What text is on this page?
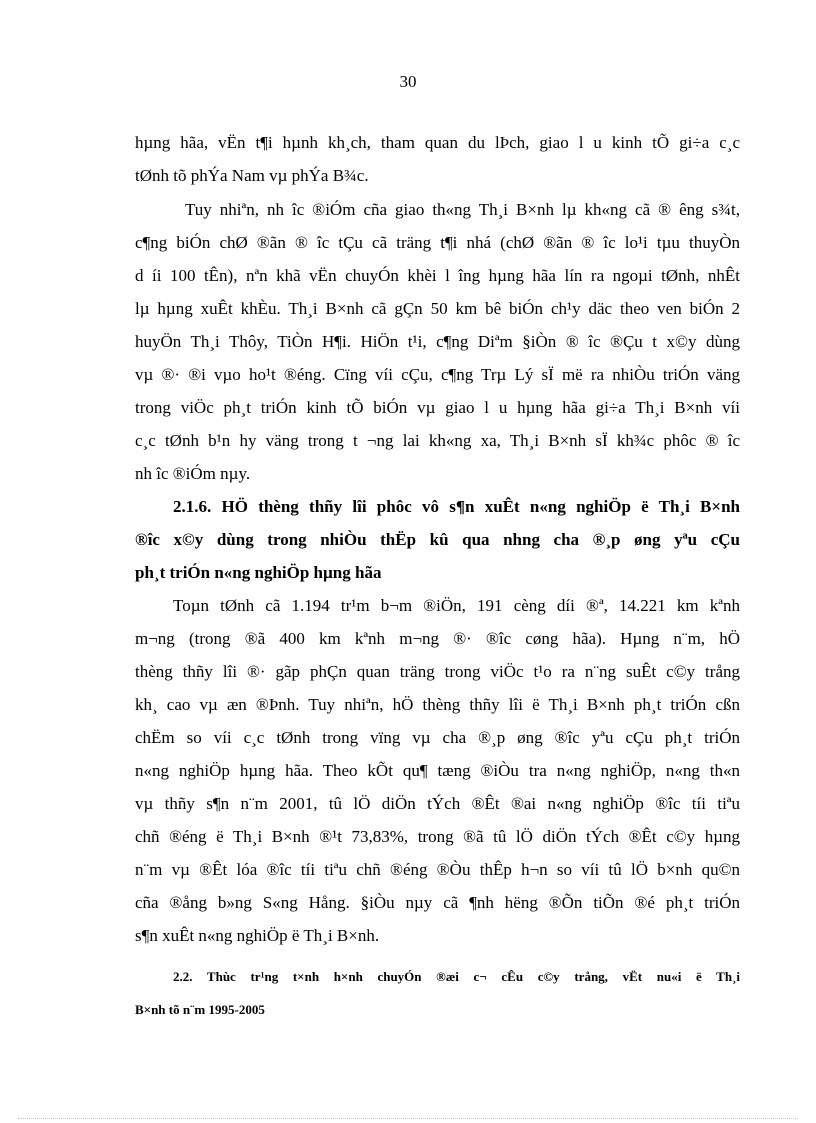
30
hµng hãa, vËn t¶i hµnh kh¸ch, tham quan du lÞch, giao l u kinh tÕ gi÷a c¸c
tØnh tõ phÝa Nam vµ phÝa B¾c.
Tuy nhiªn, nh îc ®iÓm cña giao th«ng Th¸i B×nh lµ kh«ng cã ® êng s¾t,
c¶ng biÓn chØ ®ãn ® îc tÇu cã träng t¶i nhá (chØ ®ãn ® îc lo¹i tµu thuyÒn
d íi 100 tÊn), nªn khã vËn chuyÓn khèi l îng hµng hãa lín ra ngoµi tØnh, nhÊt
lµ hµng xuÊt khÈu. Th¸i B×nh cã gÇn 50 km bê biÓn ch¹y däc theo ven biÓn 2
huyÖn Th¸i Thôy, TiÒn H¶i. HiÖn t¹i, c¶ng Diªm §iÒn ® îc ®Çu t x©y dùng
vµ ®· ®i vµo ho¹t ®éng. Cïng víi cÇu, c¶ng Trµ Lý sÏ më ra nhiÒu triÓn väng
trong viÖc ph¸t triÓn kinh tÕ biÓn vµ giao l u hµng hãa gi÷a Th¸i B×nh víi
c¸c tØnh b¹n hy väng trong t ¬ng lai kh«ng xa, Th¸i B×nh sÏ kh¾c phôc ® îc
nh îc ®iÓm nµy.
2.1.6. HÖ thèng thñy lîi phôc vô s¶n xuÊt n«ng nghiÖp ë Th¸i B×nh
®îc x©y dùng trong nhiÒu thËp kû qua nhng cha ®¸p øng yªu cÇu
ph¸t triÓn n«ng nghiÖp hµng hãa
Toµn tØnh cã 1.194 tr¹m b¬m ®iÖn, 191 cèng díi ®ª, 14.221 km kªnh
m¬ng (trong ®ã 400 km kªnh m¬ng ®· ®îc cøng hãa). Hµng n¨m, hÖ
thèng thñy lîi ®· gãp phÇn quan träng trong viÖc t¹o ra n¨ng suÊt c©y trång
kh¸ cao vµ æn ®Þnh. Tuy nhiªn, hÖ thèng thñy lîi ë Th¸i B×nh ph¸t triÓn cßn
chËm so víi c¸c tØnh trong vïng vµ cha ®¸p øng ®îc yªu cÇu ph¸t triÓn
n«ng nghiÖp hµng hãa. Theo kÕt qu¶ tæng ®iÒu tra n«ng nghiÖp, n«ng th«n
vµ thñy s¶n n¨m 2001, tû lÖ diÖn tÝch ®Êt ®ai n«ng nghiÖp ®îc tíi tiªu
chñ ®éng ë Th¸i B×nh ®¹t 73,83%, trong ®ã tû lÖ diÖn tÝch ®Êt c©y hµng
n¨m vµ ®Êt lóa ®îc tíi tiªu chñ ®éng ®Òu thÊp h¬n so víi tû lÖ b×nh qu©n
cña ®ång b»ng S«ng Hång. §iÒu nµy cã ¶nh hëng ®Õn tiÕn ®é ph¸t triÓn
s¶n xuÊt n«ng nghiÖp ë Th¸i B×nh.
2.2. Thùc tr¹ng t×nh h×nh chuyÓn ®æi c¬ cÊu c©y trång, vËt nu«i ë Th¸i
B×nh tõ n¨m 1995-2005
